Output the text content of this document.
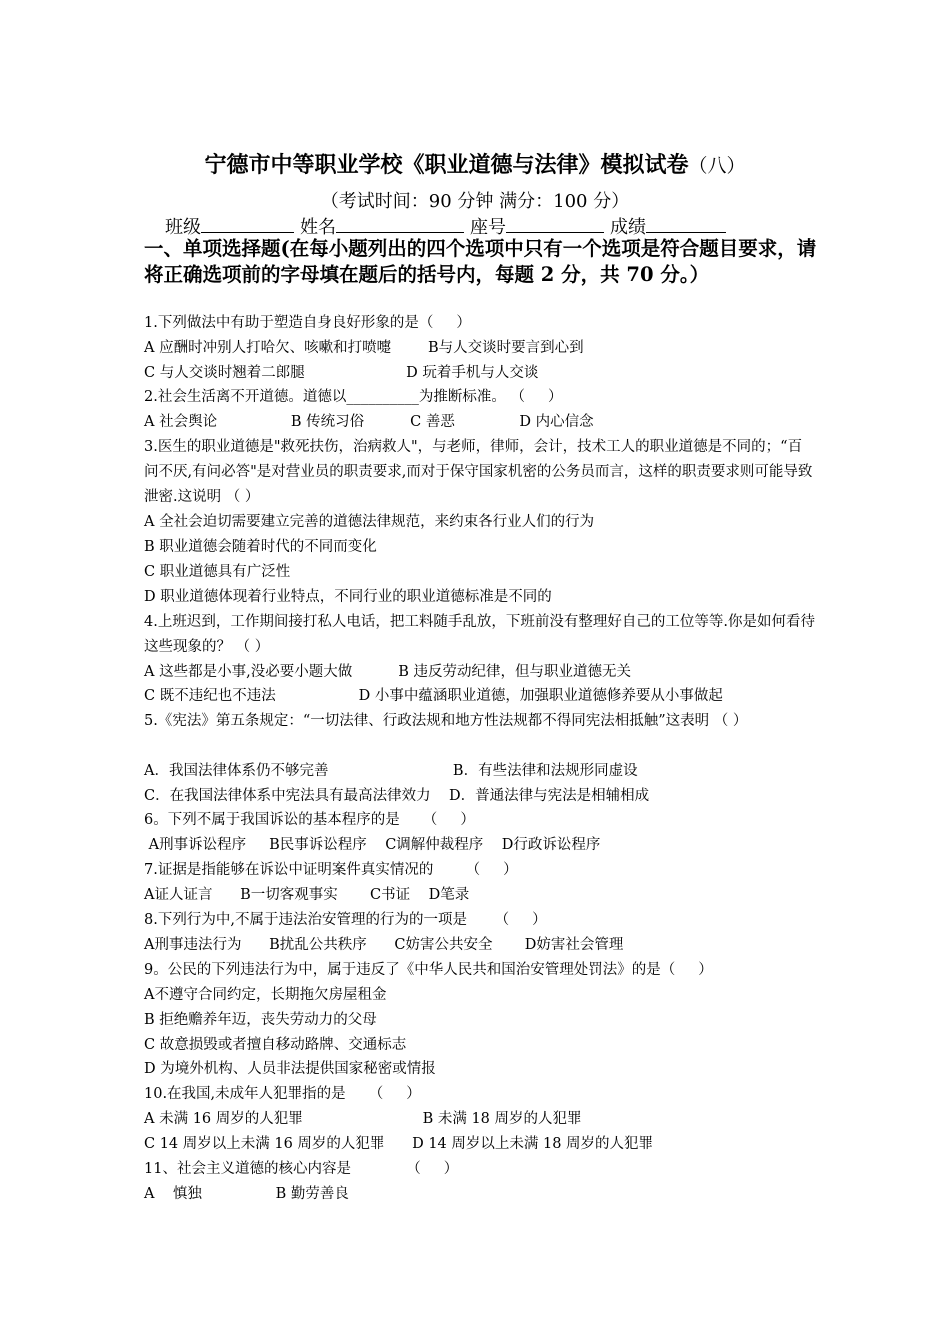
宁德市中等职业学校《职业道德与法律》模拟试卷（八）
（考试时间：90 分钟 满分：100 分）
班级	姓名	座号	成绩
一、单项选择题(在每小题列出的四个选项中只有一个选项是符合题目要求，请将正确选项前的字母填在题后的括号内，每题 2 分，共 70 分。）
1.下列做法中有助于塑造自身良好形象的是（     ）
A 应酬时冲别人打哈欠、咳嗽和打喷嚏        B与人交谈时要言到心到
C 与人交谈时翘着二郎腿                      D 玩着手机与人交谈
2.社会生活离不开道德。道德以__________为推断标准。 （     ）
A 社会舆论                B 传统习俗          C 善恶              D 内心信念
3.医生的职业道德是"救死扶伤，治病救人"，与老师，律师，会计，技术工人的职业道德是不同的；“百问不厌,有问必答"是对营业员的职责要求,而对于保守国家机密的公务员而言，这样的职责要求则可能导致泄密.这说明 （ ）
A 全社会迫切需要建立完善的道德法律规范，来约束各行业人们的行为
B 职业道德会随着时代的不同而变化
C 职业道德具有广泛性
D 职业道德体现着行业特点，不同行业的职业道德标准是不同的
4.上班迟到，工作期间接打私人电话，把工料随手乱放，下班前没有整理好自己的工位等等.你是如何看待这些现象的？ （ ）
A 这些都是小事,没必要小题大做          B 违反劳动纪律，但与职业道德无关
C 既不违纪也不违法                  D 小事中蕴涵职业道德，加强职业道德修养要从小事做起
5.《宪法》第五条规定：“一切法律、行政法规和地方性法规都不得同宪法相抵触”这表明 （ ）
A．我国法律体系仍不够完善                           B．有些法律和法规形同虚设
C．在我国法律体系中宪法具有最高法律效力    D．普通法律与宪法是相辅相成
6。下列不属于我国诉讼的基本程序的是     （     ）
A刑事诉讼程序     B民事诉讼程序    C调解仲裁程序    D行政诉讼程序
7.证据是指能够在诉讼中证明案件真实情况的       （     ）
A证人证言      B一切客观事实       C书证    D笔录
8.下列行为中,不属于违法治安管理的行为的一项是      （     ）
A刑事违法行为      B扰乱公共秩序      C妨害公共安全       D妨害社会管理
9。公民的下列违法行为中，属于违反了《中华人民共和国治安管理处罚法》的是（     ）
A不遵守合同约定，长期拖欠房屋租金
B 拒绝赡养年迈，丧失劳动力的父母
C 故意损毁或者擅自移动路牌、交通标志
D 为境外机构、人员非法提供国家秘密或情报
10.在我国,未成年人犯罪指的是     （     ）
A 未满 16 周岁的人犯罪                          B 未满 18 周岁的人犯罪
C 14 周岁以上未满 16 周岁的人犯罪      D 14 周岁以上未满 18 周岁的人犯罪
11、社会主义道德的核心内容是            （     ）
A    慎独                B 勤劳善良
